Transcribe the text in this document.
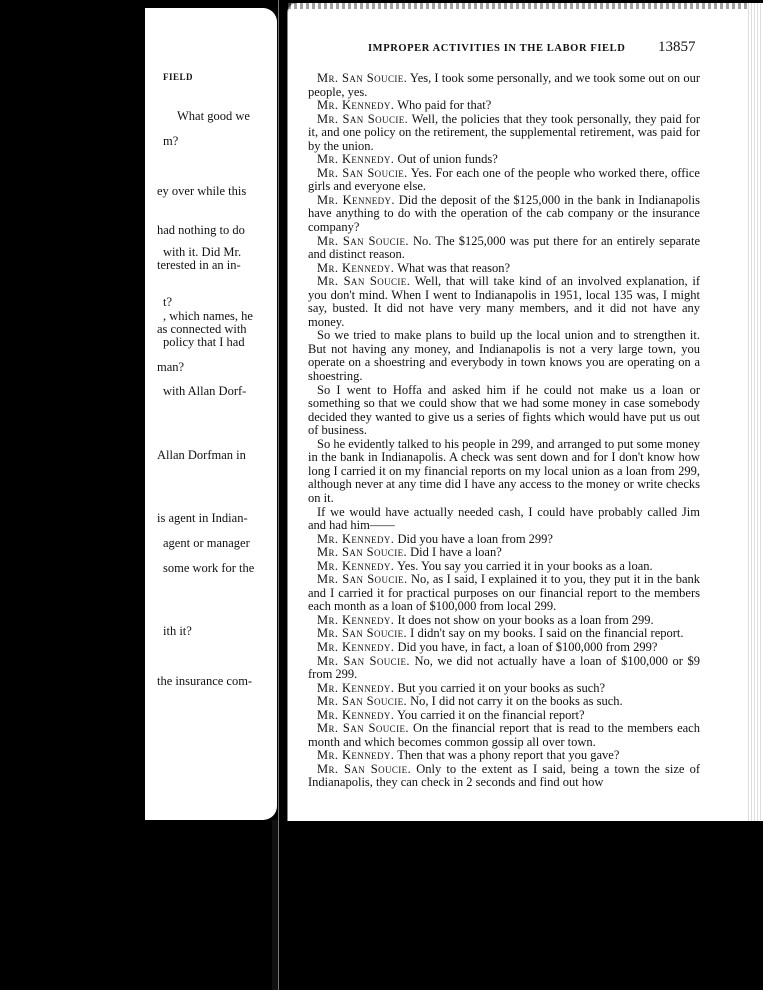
FIELD
What good we
m?
ey over while this
had nothing to do
with it. Did Mr.
terested in an in-
t?
, which names, he
as connected with
policy that I had
man?
with Allan Dorf-
Allan Dorfman in
is agent in Indian-
agent or manager
some work for the
ith it?
the insurance com-
IMPROPER ACTIVITIES IN THE LABOR FIELD	13857

Mr. San Soucie. Yes, I took some personally, and we took some out on our people, yes.

Mr. Kennedy. Who paid for that?

Mr. San Soucie. Well, the policies that they took personally, they paid for it, and one policy on the retirement, the supplemental retirement, was paid for by the union.

Mr. Kennedy. Out of union funds?

Mr. San Soucie. Yes. For each one of the people who worked there, office girls and everyone else.

Mr. Kennedy. Did the deposit of the $125,000 in the bank in Indianapolis have anything to do with the operation of the cab company or the insurance company?

Mr. San Soucie. No. The $125,000 was put there for an entirely separate and distinct reason.

Mr. Kennedy. What was that reason?

Mr. San Soucie. Well, that will take kind of an involved explanation, if you don't mind. When I went to Indianapolis in 1951, local 135 was, I might say, busted. It did not have very many members, and it did not have any money.

So we tried to make plans to build up the local union and to strengthen it. But not having any money, and Indianapolis is not a very large town, you operate on a shoestring and everybody in town knows you are operating on a shoestring.

So I went to Hoffa and asked him if he could not make us a loan or something so that we could show that we had some money in case somebody decided they wanted to give us a series of fights which would have put us out of business.

So he evidently talked to his people in 299, and arranged to put some money in the bank in Indianapolis. A check was sent down and for I don't know how long I carried it on my financial reports on my local union as a loan from 299, although never at any time did I have any access to the money or write checks on it.

If we would have actually needed cash, I could have probably called Jim and had him——

Mr. Kennedy. Did you have a loan from 299?

Mr. San Soucie. Did I have a loan?

Mr. Kennedy. Yes. You say you carried it in your books as a loan.

Mr. San Soucie. No, as I said, I explained it to you, they put it in the bank and I carried it for practical purposes on our financial report to the members each month as a loan of $100,000 from local 299.

Mr. Kennedy. It does not show on your books as a loan from 299.

Mr. San Soucie. I didn't say on my books. I said on the financial report.

Mr. Kennedy. Did you have, in fact, a loan of $100,000 from 299?

Mr. San Soucie. No, we did not actually have a loan of $100,000 or $9 from 299.

Mr. Kennedy. But you carried it on your books as such?

Mr. San Soucie. No, I did not carry it on the books as such.

Mr. Kennedy. You carried it on the financial report?

Mr. San Soucie. On the financial report that is read to the members each month and which becomes common gossip all over town.

Mr. Kennedy. Then that was a phony report that you gave?

Mr. San Soucie. Only to the extent as I said, being a town the size of Indianapolis, they can check in 2 seconds and find out how
